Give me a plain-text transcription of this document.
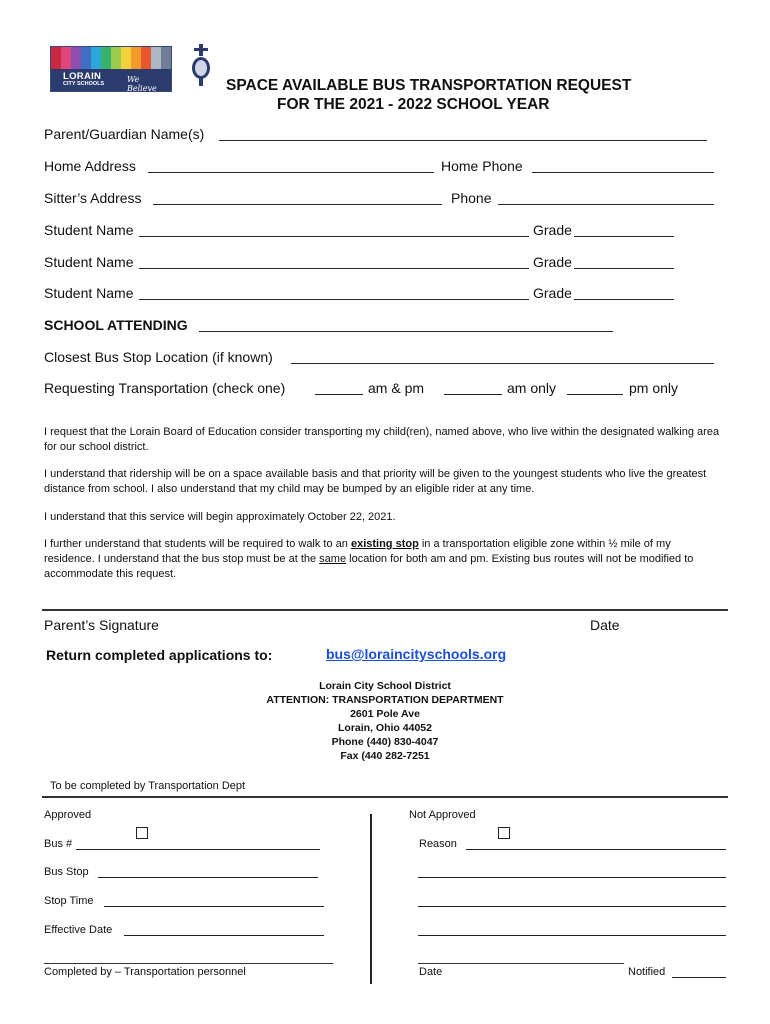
LORAIN
CITY SCHOOLS	We Believe	SPACE AVAILABLE BUS TRANSPORTATION REQUEST
FOR THE 2021 - 2022 SCHOOL YEAR
Parent/Guardian Name(s)
Home Address	Home Phone
Sitter’s Address	Phone
Student Name	Grade
Student Name	Grade
Student Name	Grade
SCHOOL ATTENDING
Closest Bus Stop Location (if known)
Requesting Transportation (check one)	am & pm	am only	pm only
I request that the Lorain Board of Education consider transporting my child(ren), named above, who live within the designated walking area for our school district.
I understand that ridership will be on a space available basis and that priority will be given to the youngest students who live the greatest distance from school. I also understand that my child may be bumped by an eligible rider at any time.
I understand that this service will begin approximately October 22, 2021.
I further understand that students will be required to walk to an existing stop in a transportation eligible zone within ½ mile of my residence. I understand that the bus stop must be at the same location for both am and pm. Existing bus routes will not be modified to accommodate this request.
Parent’s Signature	Date
Return completed applications to:	bus@loraincityschools.org
Lorain City School District
ATTENTION: TRANSPORTATION DEPARTMENT
2601 Pole Ave
Lorain, Ohio 44052
Phone (440) 830-4047
Fax (440 282-7251
To be completed by Transportation Dept
Approved	Not Approved
Bus #	Reason
Bus Stop
Stop Time
Effective Date
Completed by – Transportation personnel	Date	Notified
